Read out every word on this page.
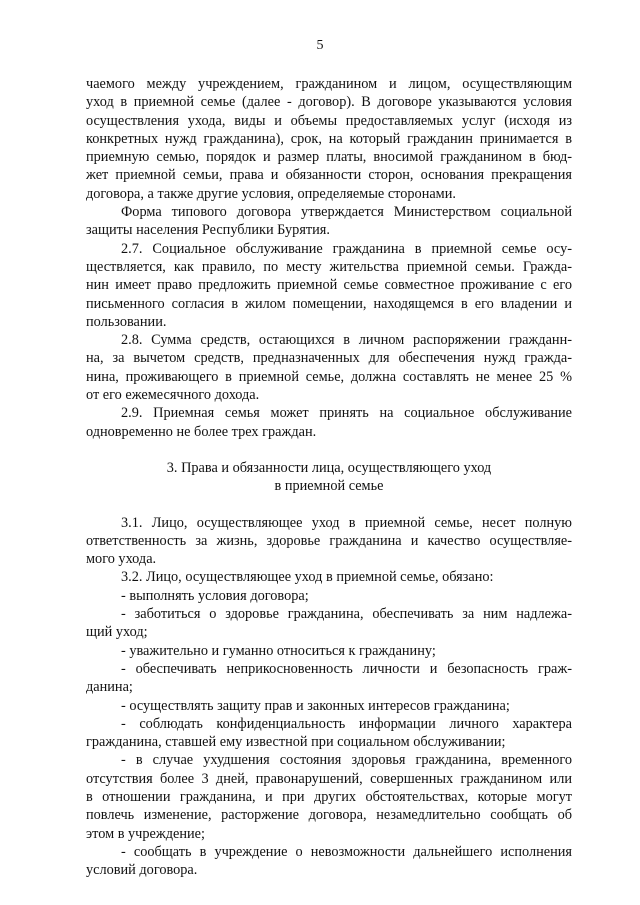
5
чаемого между учреждением, гражданином и лицом, осуществляющим
уход в приемной семье (далее - договор). В договоре указываются условия
осуществления ухода, виды и объемы предоставляемых услуг (исходя из
конкретных нужд гражданина), срок, на который гражданин принимается в
приемную семью, порядок и размер платы, вносимой гражданином в бюд-
жет приемной семьи, права и обязанности сторон, основания прекращения
договора, а также другие условия, определяемые сторонами.
Форма типового договора утверждается Министерством социальной
защиты населения Республики Бурятия.
2.7. Социальное обслуживание гражданина в приемной семье осу-
ществляется, как правило, по месту жительства приемной семьи. Гражда-
нин имеет право предложить приемной семье совместное проживание с его
письменного согласия в жилом помещении, находящемся в его владении и
пользовании.
2.8. Сумма средств, остающихся в личном распоряжении гражданн-
на, за вычетом средств, предназначенных для обеспечения нужд гражда-
нина, проживающего в приемной семье, должна составлять не менее 25 %
от его ежемесячного дохода.
2.9. Приемная семья может принять на социальное обслуживание
одновременно не более трех граждан.
3. Права и обязанности лица, осуществляющего уход
в приемной семье
3.1. Лицо, осуществляющее уход в приемной семье, несет полную
ответственность за жизнь, здоровье гражданина и качество осуществляе-
мого ухода.
3.2. Лицо, осуществляющее уход в приемной семье, обязано:
- выполнять условия договора;
- заботиться о здоровье гражданина, обеспечивать за ним надлежа-
щий уход;
- уважительно и гуманно относиться к гражданину;
- обеспечивать неприкосновенность личности и безопасность граж-
данина;
- осуществлять защиту прав и законных интересов гражданина;
- соблюдать конфиденциальность информации личного характера
гражданина, ставшей ему известной при социальном обслуживании;
- в случае ухудшения состояния здоровья гражданина, временного
отсутствия более 3 дней, правонарушений, совершенных гражданином или
в отношении гражданина, и при других обстоятельствах, которые могут
повлечь изменение, расторжение договора, незамедлительно сообщать об
этом в учреждение;
- сообщать в учреждение о невозможности дальнейшего исполнения
условий договора.
